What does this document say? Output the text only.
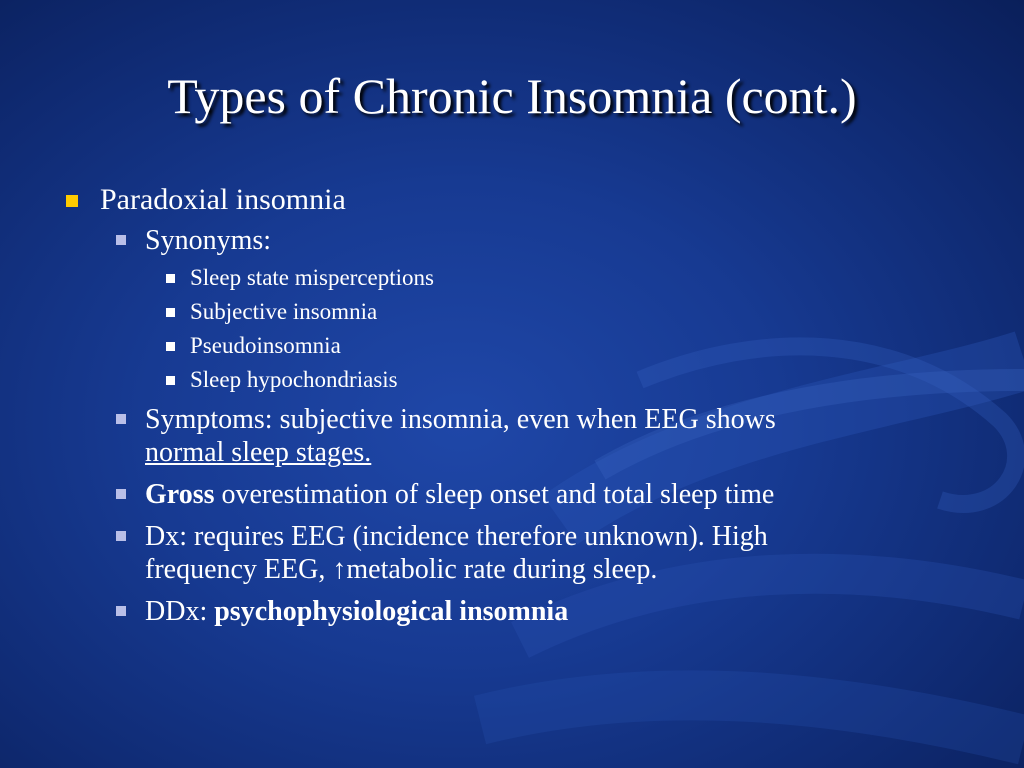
Types of Chronic Insomnia (cont.)
Paradoxial insomnia
Synonyms:
Sleep state misperceptions
Subjective insomnia
Pseudoinsomnia
Sleep hypochondriasis
Symptoms: subjective insomnia, even when EEG shows
normal sleep stages.
Gross overestimation of sleep onset and total sleep time
Dx: requires EEG (incidence therefore unknown). High
frequency EEG, ↑metabolic rate during sleep.
DDx: psychophysiological insomnia
